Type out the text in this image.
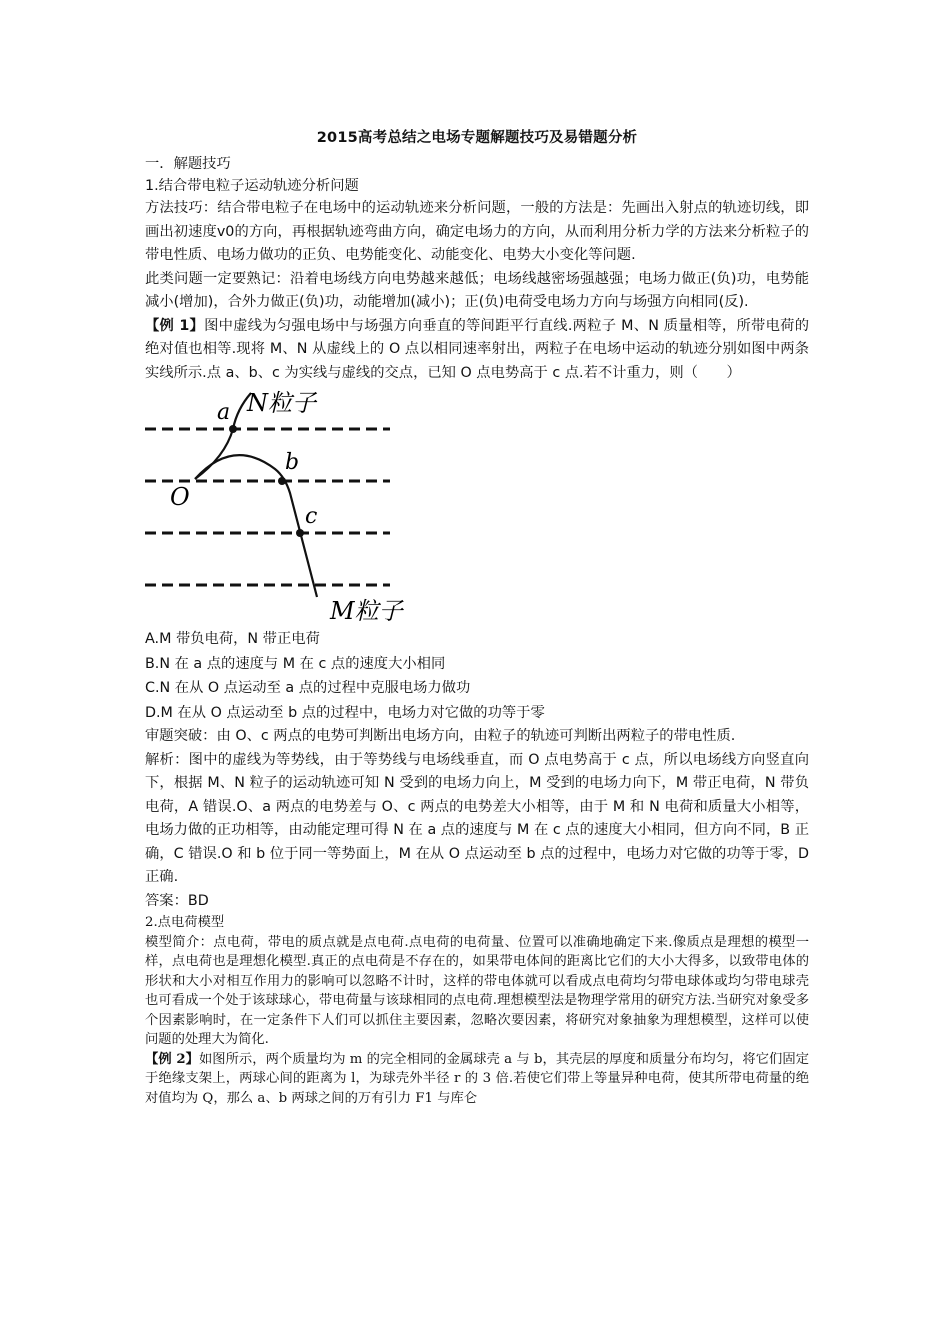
2015高考总结之电场专题解题技巧及易错题分析

一．解题技巧

1.结合带电粒子运动轨迹分析问题

方法技巧：结合带电粒子在电场中的运动轨迹来分析问题，一般的方法是：先画出入射点的轨迹切线，即画出初速度v0的方向，再根据轨迹弯曲方向，确定电场力的方向，从而利用分析力学的方法来分析粒子的带电性质、电场力做功的正负、电势能变化、动能变化、电势大小变化等问题.

此类问题一定要熟记：沿着电场线方向电势越来越低；电场线越密场强越强；电场力做正(负)功，电势能减小(增加)，合外力做正(负)功，动能增加(减小)；正(负)电荷受电场力方向与场强方向相同(反).

【例 1】图中虚线为匀强电场中与场强方向垂直的等间距平行直线.两粒子 M、N 质量相等，所带电荷的绝对值也相等.现将 M、N 从虚线上的 O 点以相同速率射出，两粒子在电场中运动的轨迹分别如图中两条实线所示.点 a、b、c 为实线与虚线的交点，已知 O 点电势高于 c 点.若不计重力，则（　　）

N粒子
a
b
c
O
M粒子

A.M 带负电荷，N 带正电荷

B.N 在 a 点的速度与 M 在 c 点的速度大小相同

C.N 在从 O 点运动至 a 点的过程中克服电场力做功

D.M 在从 O 点运动至 b 点的过程中，电场力对它做的功等于零

审题突破：由 O、c 两点的电势可判断出电场方向，由粒子的轨迹可判断出两粒子的带电性质.

解析：图中的虚线为等势线，由于等势线与电场线垂直，而 O 点电势高于 c 点，所以电场线方向竖直向下，根据 M、N 粒子的运动轨迹可知 N 受到的电场力向上，M 受到的电场力向下，M 带正电荷，N 带负电荷，A 错误.O、a 两点的电势差与 O、c 两点的电势差大小相等，由于 M 和 N 电荷和质量大小相等，电场力做的正功相等，由动能定理可得 N 在 a 点的速度与 M 在 c 点的速度大小相同，但方向不同，B 正确，C 错误.O 和 b 位于同一等势面上，M 在从 O 点运动至 b 点的过程中，电场力对它做的功等于零，D 正确.

答案：BD

2.点电荷模型

模型简介：点电荷，带电的质点就是点电荷.点电荷的电荷量、位置可以准确地确定下来.像质点是理想的模型一样，点电荷也是理想化模型.真正的点电荷是不存在的，如果带电体间的距离比它们的大小大得多，以致带电体的形状和大小对相互作用力的影响可以忽略不计时，这样的带电体就可以看成点电荷均匀带电球体或均匀带电球壳也可看成一个处于该球球心，带电荷量与该球相同的点电荷.理想模型法是物理学常用的研究方法.当研究对象受多个因素影响时，在一定条件下人们可以抓住主要因素，忽略次要因素，将研究对象抽象为理想模型，这样可以使问题的处理大为简化.

【例 2】如图所示，两个质量均为 m 的完全相同的金属球壳 a 与 b，其壳层的厚度和质量分布均匀，将它们固定于绝缘支架上，两球心间的距离为 l，为球壳外半径 r 的 3 倍.若使它们带上等量异种电荷，使其所带电荷量的绝对值均为 Q，那么 a、b 两球之间的万有引力 F1 与库仑
